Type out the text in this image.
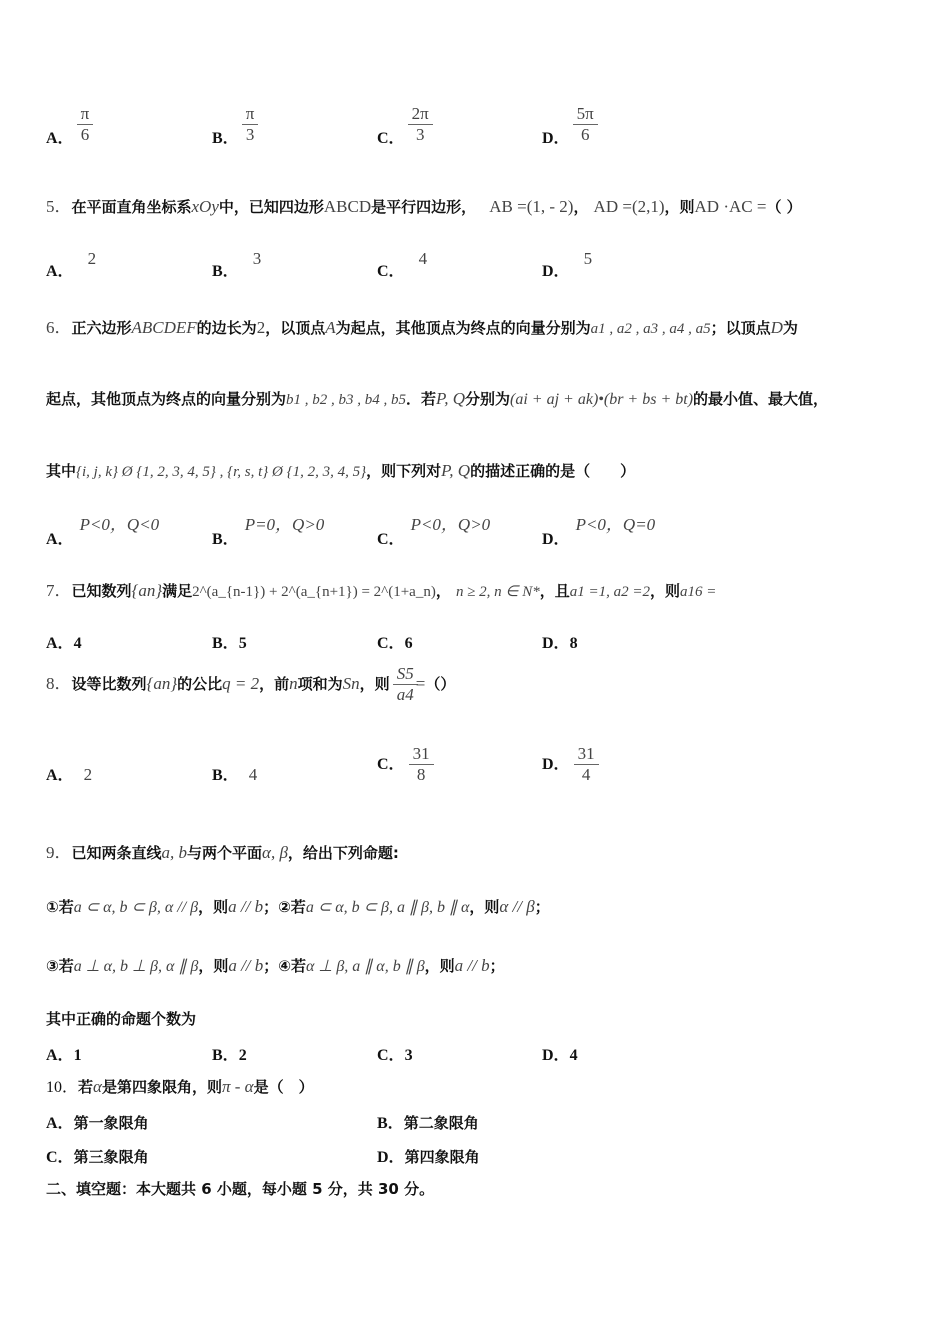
A． $\frac{\pi}{6}$	B． $\frac{\pi}{3}$	C． $\frac{2\pi}{3}$	D． $\frac{5\pi}{6}$
5．在平面直角坐标系xOy中，已知四边形ABCD是平行四边形， AB =(1, - 2)， AD =(2,1)，则AD ·AC =（ ）
A．2
B．3
C．4
D．5
6．正六边形ABCDEF的边长为2，以顶点A为起点，其他顶点为终点的向量分别为a1 , a2 , a3 , a4 , a5；以顶点D为
起点，其他顶点为终点的向量分别为b1 , b2 , b3 , b4 , b5．若P, Q分别为(ai + aj + ak)•(br + bs + bt)的最小值、最大值，
其中{i, j, k} Ø {1, 2, 3, 4, 5} , {r, s, t} Ø {1, 2, 3, 4, 5}，则下列对P, Q的描述正确的是（　　）
A．P<0，Q<0
B．P=0，Q>0
C．P<0，Q>0
D．P<0，Q=0
7．已知数列{an}满足2^(a_{n-1}) + 2^(a_{n+1}) = 2^(1+a_n)， n ≥ 2, n ∈ N*，且a1 =1, a2 =2，则a16 =
A．4	B．5	C．6	D．8
8．设等比数列{an}的公比q = 2，前n项和为Sn，则 $\frac{S5}{a4}$ =（）
A． 2	B． 4
C． $\frac{31}{8}$	D． $\frac{31}{4}$
9．已知两条直线a, b与两个平面α, β，给出下列命题:
①若a ⊂ α, b ⊂ β, α // β，则a // b；②若a ⊂ α, b ⊂ β, a ∥ β, b ∥ α，则α // β；
③若a ⊥ α, b ⊥ β, α ∥ β，则a // b；④若α ⊥ β, a ∥ α, b ∥ β，则a // b；
其中正确的命题个数为
A．1	B．2	C．3	D．4
10．若α是第四象限角，则π - α是（　）
A．第一象限角	B．第二象限角
C．第三象限角	D．第四象限角
二、填空题：本大题共 6 小题，每小题 5 分，共 30 分。
